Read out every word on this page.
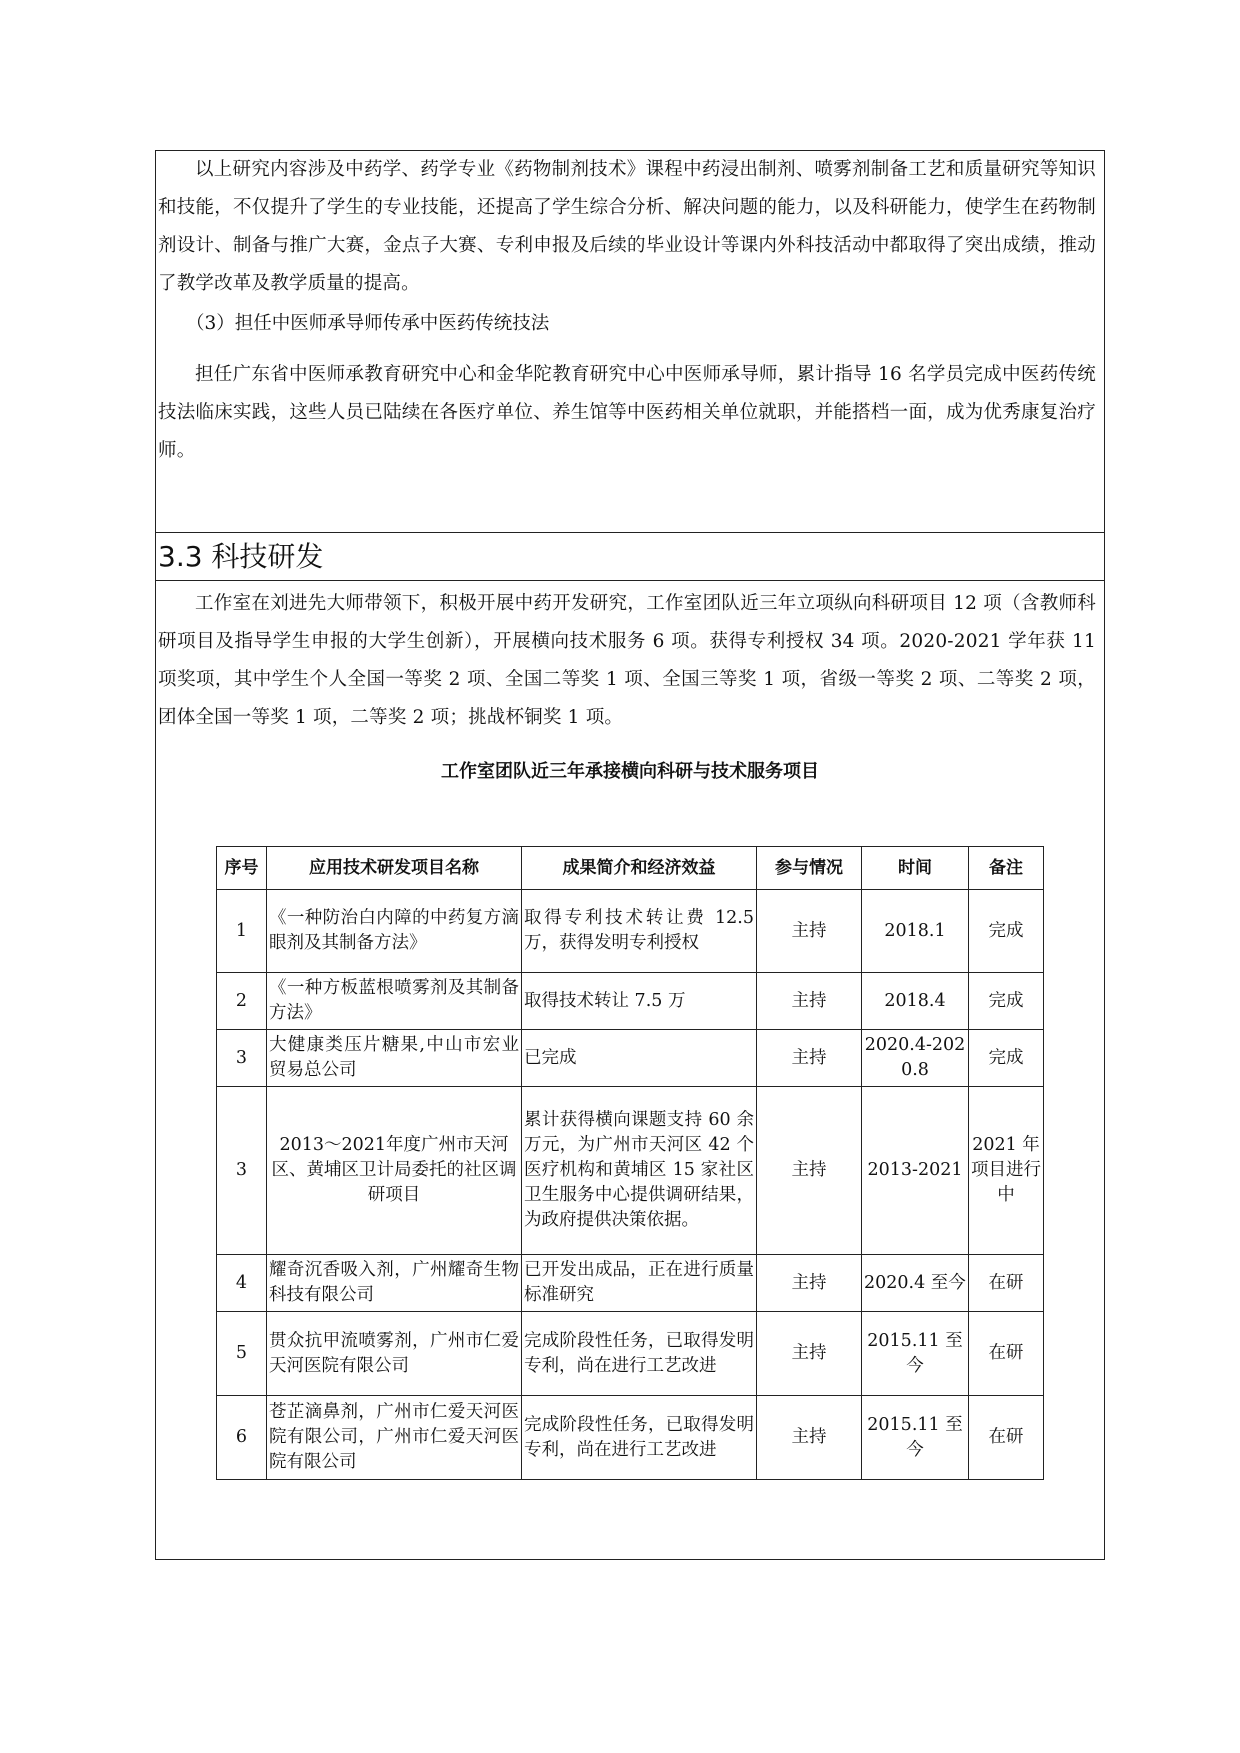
以上研究内容涉及中药学、药学专业《药物制剂技术》课程中药浸出制剂、喷雾剂制备工艺和质量研究等知识和技能，不仅提升了学生的专业技能，还提高了学生综合分析、解决问题的能力，以及科研能力，使学生在药物制剂设计、制备与推广大赛，金点子大赛、专利申报及后续的毕业设计等课内外科技活动中都取得了突出成绩，推动了教学改革及教学质量的提高。

（3）担任中医师承导师传承中医药传统技法

担任广东省中医师承教育研究中心和金华陀教育研究中心中医师承导师，累计指导 16 名学员完成中医药传统技法临床实践，这些人员已陆续在各医疗单位、养生馆等中医药相关单位就职，并能搭档一面，成为优秀康复治疗师。

3.3 科技研发

工作室在刘进先大师带领下，积极开展中药开发研究，工作室团队近三年立项纵向科研项目 12 项（含教师科研项目及指导学生申报的大学生创新），开展横向技术服务 6 项。获得专利授权 34 项。2020-2021 学年获 11 项奖项，其中学生个人全国一等奖 2 项、全国二等奖 1 项、全国三等奖 1 项，省级一等奖 2 项、二等奖 2 项，团体全国一等奖 1 项，二等奖 2 项；挑战杯铜奖 1 项。

工作室团队近三年承接横向科研与技术服务项目
序号	应用技术研发项目名称	成果简介和经济效益	参与情况	时间	备注
1	《一种防治白内障的中药复方滴眼剂及其制备方法》	取得专利技术转让费 12.5 万，获得发明专利授权	主持	2018.1	完成
2	《一种方板蓝根喷雾剂及其制备方法》	取得技术转让 7.5 万	主持	2018.4	完成
3	大健康类压片糖果,中山市宏业贸易总公司	已完成	主持	2020.4-2020.8	完成
3	2013～2021年度广州市天河区、黄埔区卫计局委托的社区调研项目	累计获得横向课题支持 60 余万元，为广州市天河区 42 个医疗机构和黄埔区 15 家社区卫生服务中心提供调研结果，为政府提供决策依据。	主持	2013-2021	2021 年项目进行中
4	耀奇沉香吸入剂，广州耀奇生物科技有限公司	已开发出成品，正在进行质量标准研究	主持	2020.4 至今	在研
5	贯众抗甲流喷雾剂，广州市仁爱天河医院有限公司	完成阶段性任务，已取得发明专利，尚在进行工艺改进	主持	2015.11 至今	在研
6	苍芷滴鼻剂，广州市仁爱天河医院有限公司，广州市仁爱天河医院有限公司	完成阶段性任务，已取得发明专利，尚在进行工艺改进	主持	2015.11 至今	在研
